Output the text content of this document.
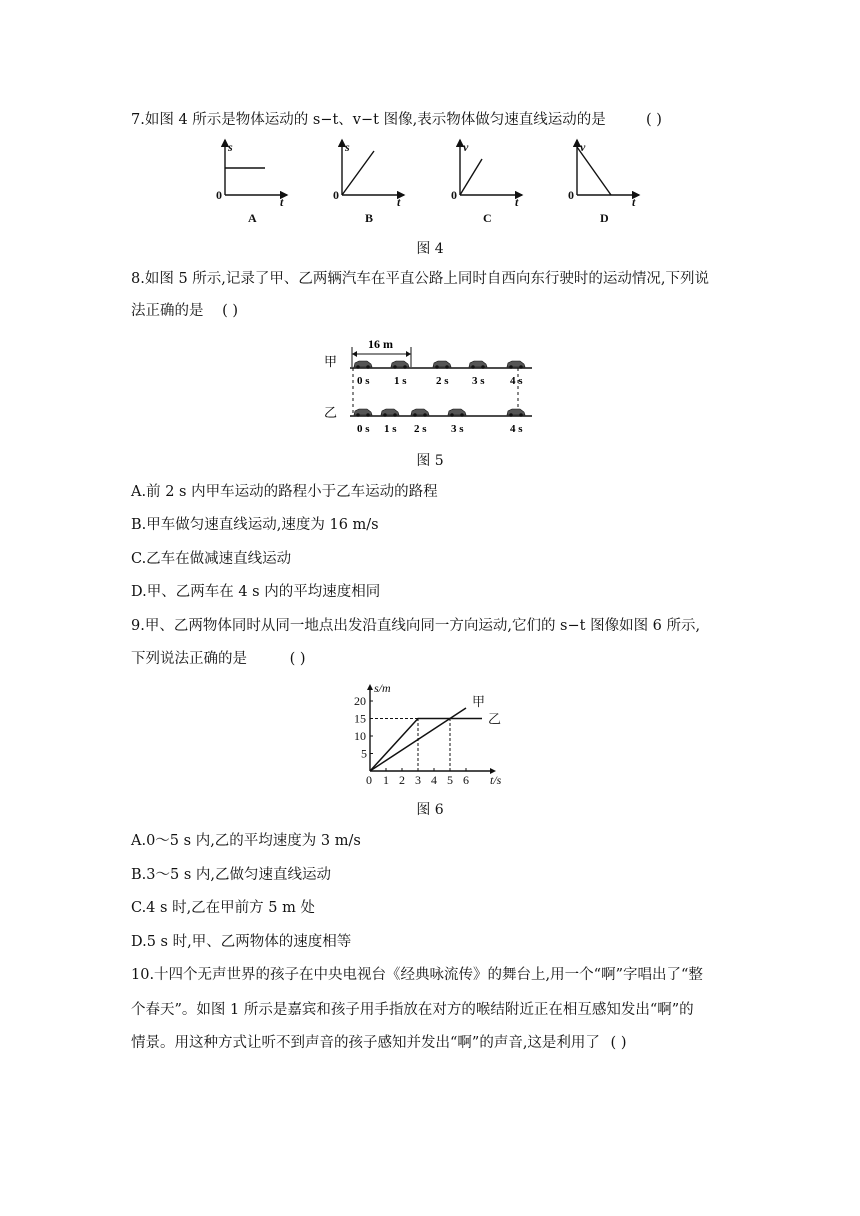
7.如图 4 所示是物体运动的 s−t、v−t 图像,表示物体做匀速直线运动的是	( )
s
t
0
A
s
t
0
B
v
t
0
C
v
t
0
D
图 4
8.如图 5 所示,记录了甲、乙两辆汽车在平直公路上同时自西向东行驶时的运动情况,下列说
法正确的是 ( )
16 m
甲
乙
0 s 1 s	2 s 3 s 4 s
0 s 1 s 2 s 3 s	4 s
图 5
A.前 2 s 内甲车运动的路程小于乙车运动的路程
B.甲车做匀速直线运动,速度为 16 m/s
C.乙车在做减速直线运动
D.甲、乙两车在 4 s 内的平均速度相同
9.甲、乙两物体同时从同一地点出发沿直线向同一方向运动,它们的 s−t 图像如图 6 所示,
下列说法正确的是	( )
甲
乙
0 1 2 3 4 5 6
5
10
15
20
s/m
t/s
图 6
A.0〜5 s 内,乙的平均速度为 3 m/s
B.3〜5 s 内,乙做匀速直线运动
C.4 s 时,乙在甲前方 5 m 处
D.5 s 时,甲、乙两物体的速度相等
10.十四个无声世界的孩子在中央电视台《经典咏流传》的舞台上,用一个“啊”字唱出了“整
个春天”。如图 1 所示是嘉宾和孩子用手指放在对方的喉结附近正在相互感知发出“啊”的
情景。用这种方式让听不到声音的孩子感知并发出“啊”的声音,这是利用了 ( )
